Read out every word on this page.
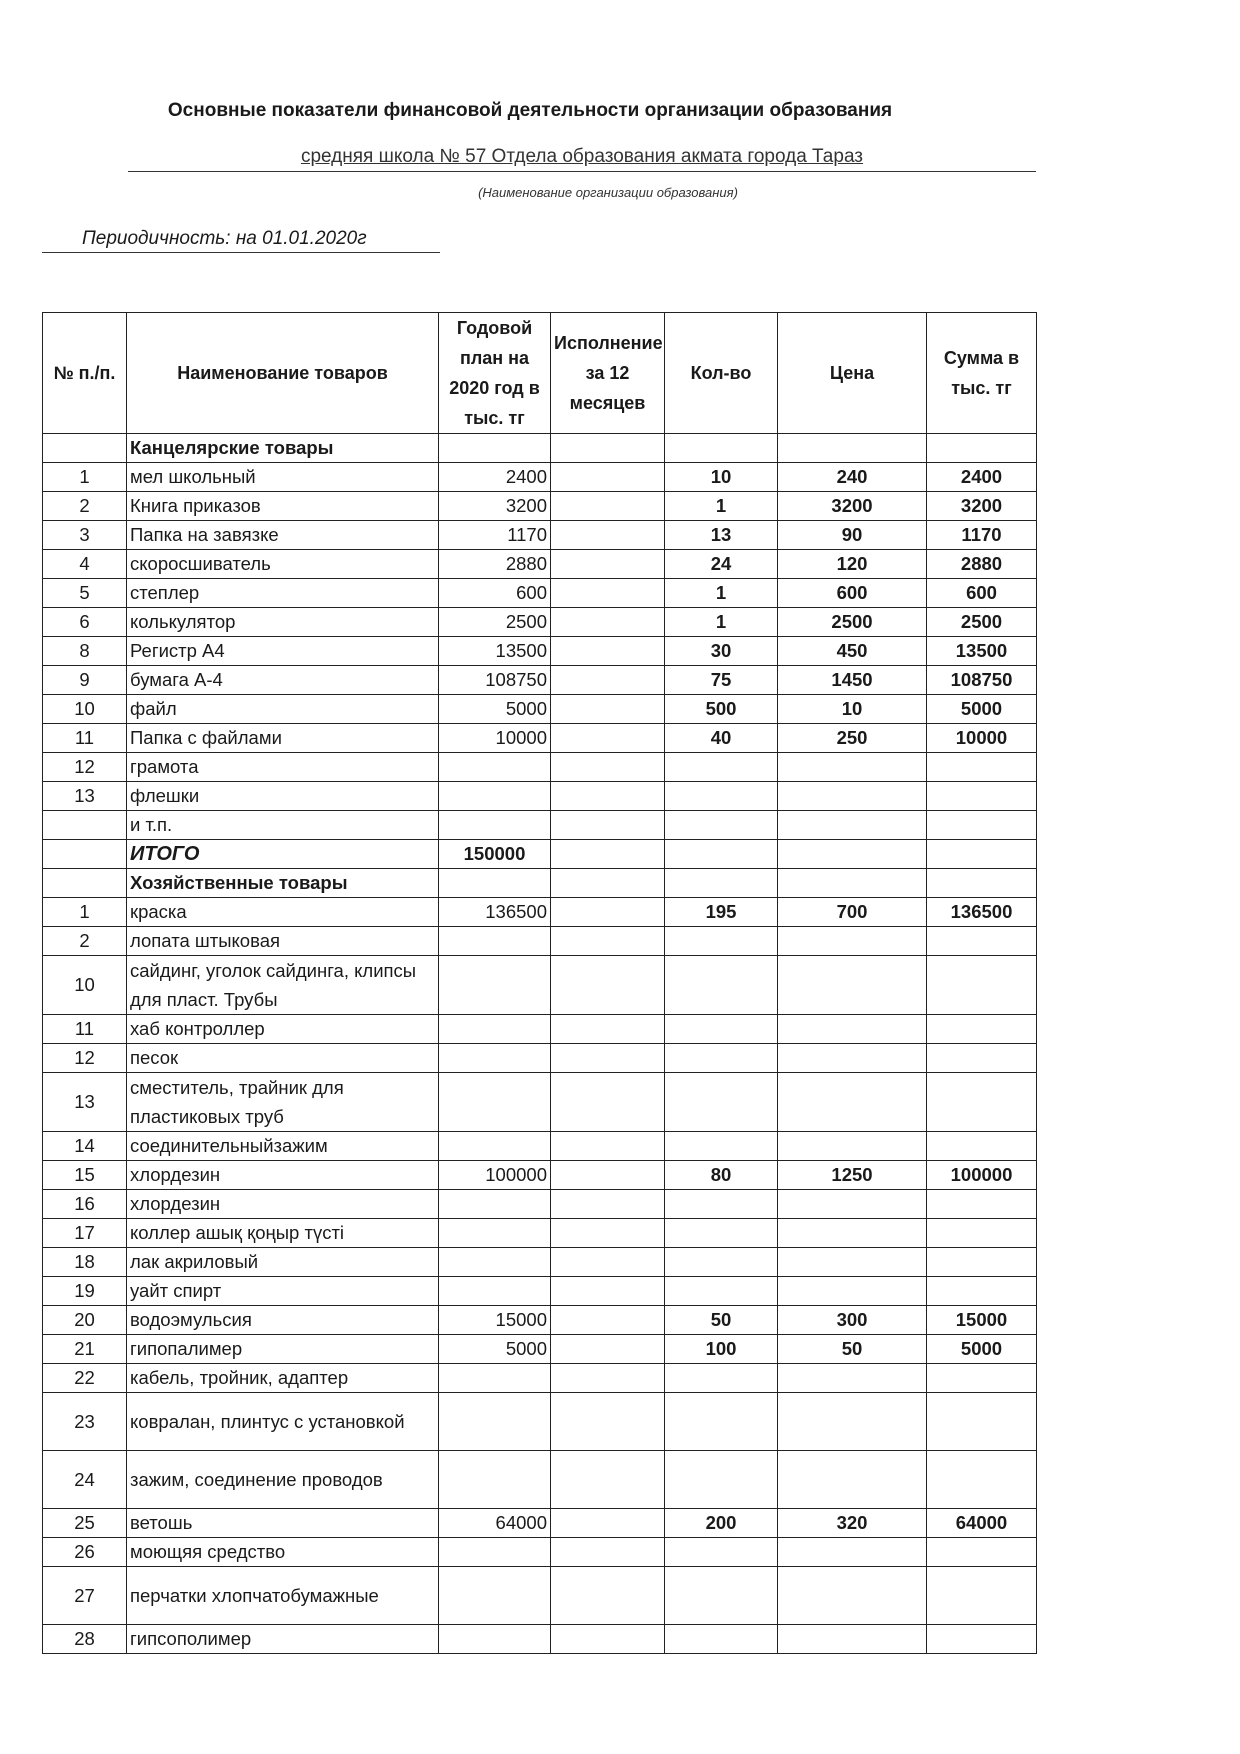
Основные показатели финансовой деятельности организации образования
средняя школа № 57 Отдела образования акмата города Тараз
(Наименование организации образования)
Периодичность: на 01.01.2020г
№ п./п.	Наименование товаров	Годовой план на 2020 год в тыс. тг	Исполнение за 12 месяцев	Кол-во	Цена	Сумма в тыс. тг
	Канцелярские товары					
1	мел школьный	2400		10	240	2400
2	Книга приказов	3200		1	3200	3200
3	Папка на завязке	1170		13	90	1170
4	скоросшиватель	2880		24	120	2880
5	степлер	600		1	600	600
6	колькулятор	2500		1	2500	2500
8	Регистр А4	13500		30	450	13500
9	бумага А-4	108750		75	1450	108750
10	файл	5000		500	10	5000
11	Папка с файлами	10000		40	250	10000
12	грамота					
13	флешки					
	и т.п.					
	ИТОГО	150000				
	Хозяйственные товары					
1	краска	136500		195	700	136500
2	лопата штыковая					
10	сайдинг, уголок сайдинга, клипсы для пласт. Трубы					
11	хаб контроллер					
12	песок					
13	сместитель, трайник для пластиковых труб					
14	соединительныйзажим					
15	хлордезин	100000		80	1250	100000
16	хлордезин					
17	коллер ашық қоңыр түсті					
18	лак акриловый					
19	уайт спирт					
20	водоэмульсия	15000		50	300	15000
21	гипопалимер	5000		100	50	5000
22	кабель, тройник, адаптер					
23	ковралан, плинтус с установкой					
24	зажим, соединение проводов					
25	ветошь	64000		200	320	64000
26	моющяя средство					
27	перчатки хлопчатобумажные					
28	гипсополимер					
